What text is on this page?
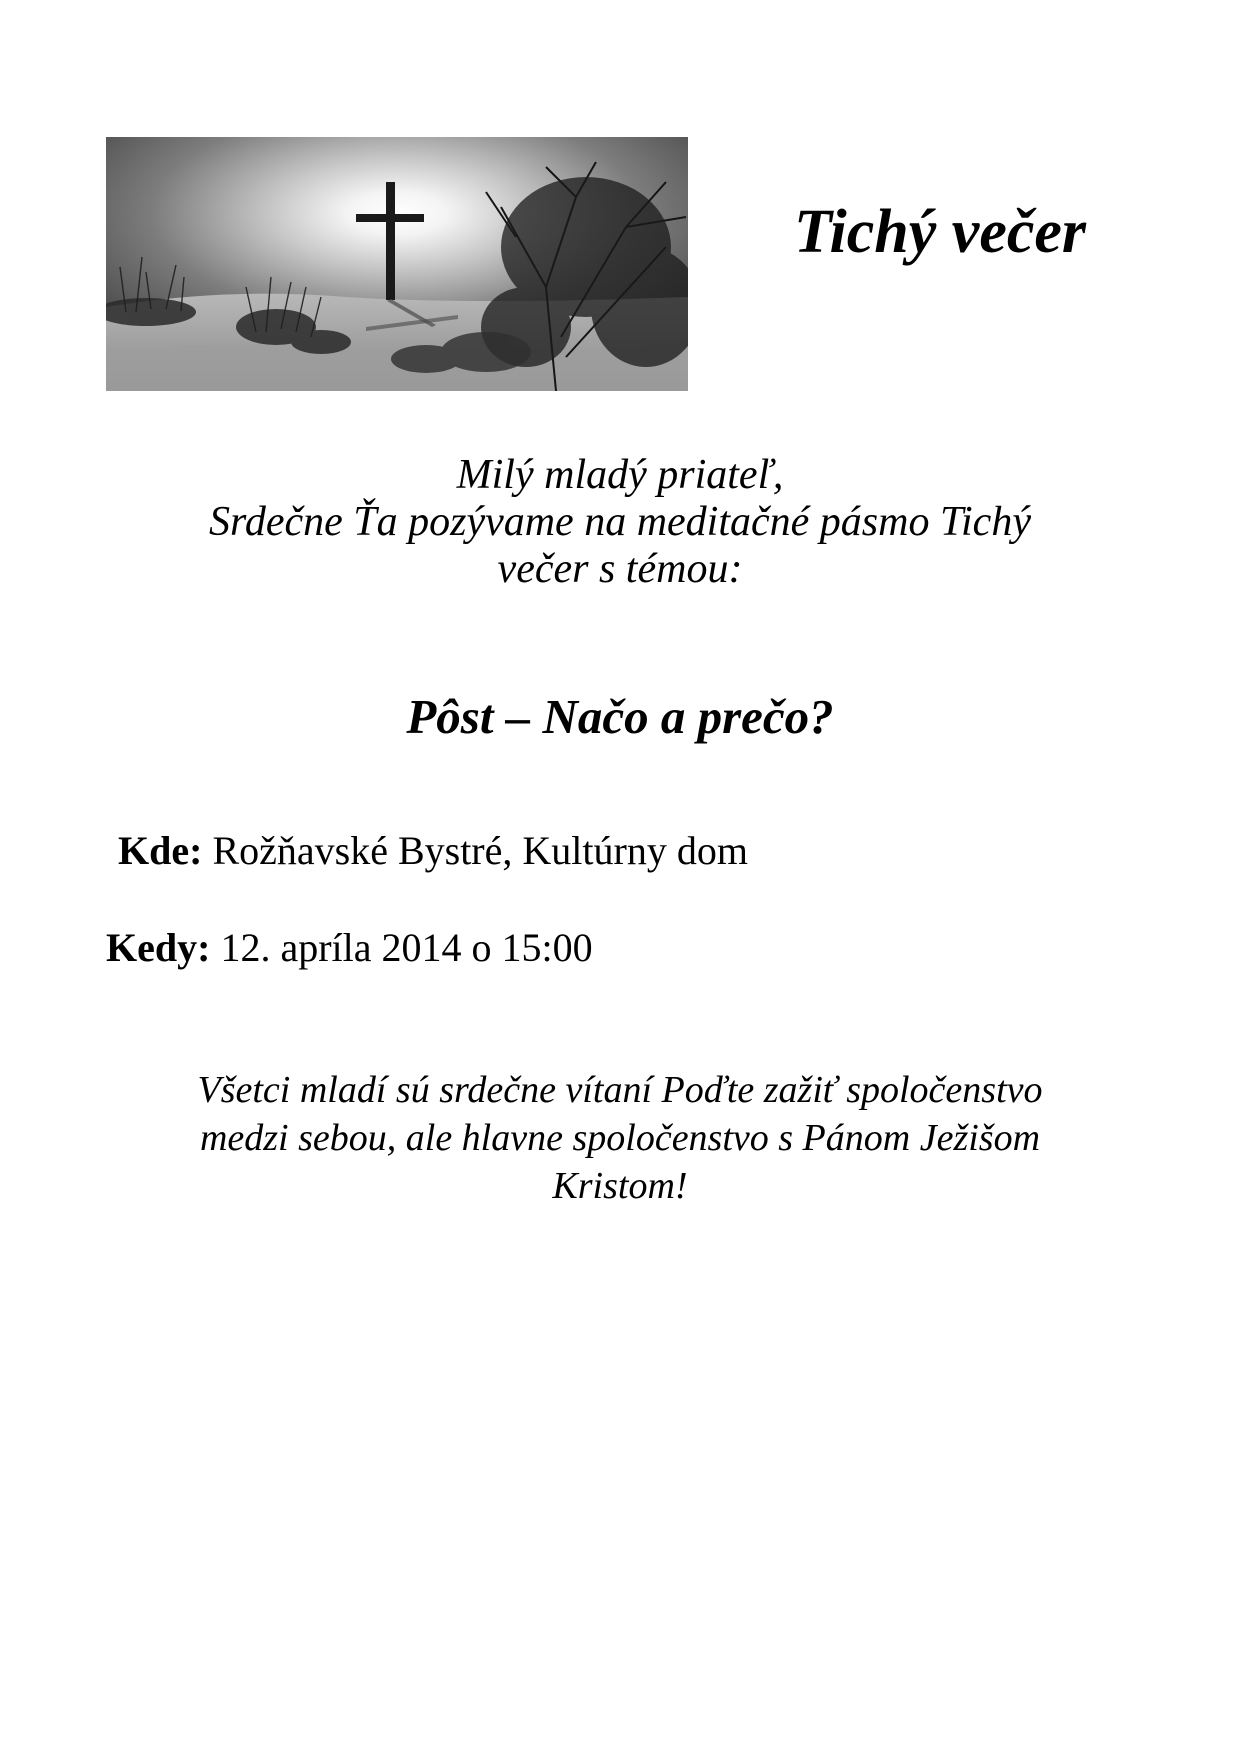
Tichý večer

Milý mladý priateľ,
Srdečne Ťa pozývame na meditačné pásmo Tichý
večer s témou:

Pôst – Načo a prečo?
Kde: Rožňavské Bystré, Kultúrny dom
Kedy: 12. apríla 2014 o 15:00

Všetci mladí sú srdečne vítaní Poďte zažiť spoločenstvo
medzi sebou, ale hlavne spoločenstvo s Pánom Ježišom
Kristom!
